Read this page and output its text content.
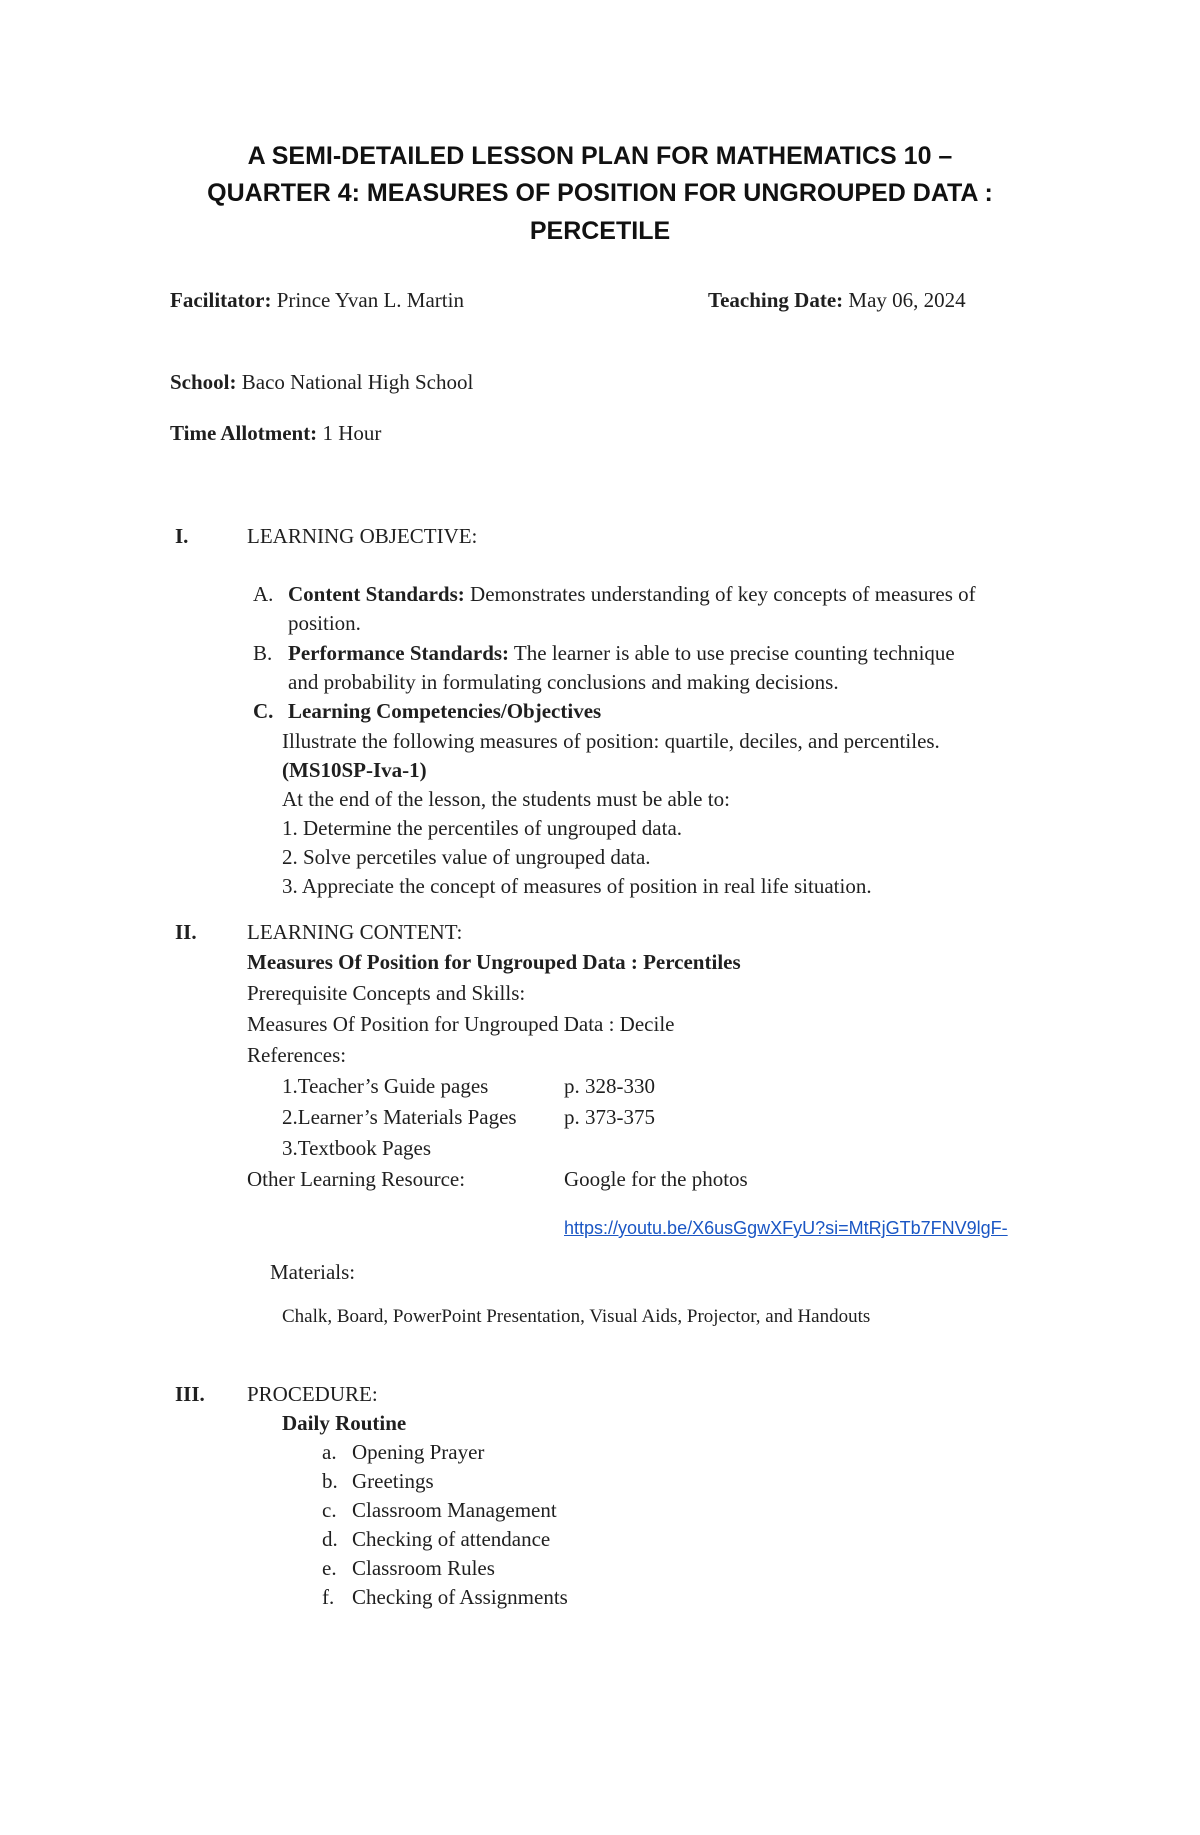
A SEMI-DETAILED LESSON PLAN FOR MATHEMATICS 10 –
QUARTER 4: MEASURES OF POSITION FOR UNGROUPED DATA :
PERCETILE
Facilitator: Prince Yvan L. Martin	Teaching Date: May 06, 2024
School: Baco National High School
Time Allotment: 1 Hour
I.	LEARNING OBJECTIVE:
A. Content Standards: Demonstrates understanding of key concepts of measures of
position.
B. Performance Standards: The learner is able to use precise counting technique
and probability in formulating conclusions and making decisions.
C. Learning Competencies/Objectives
Illustrate the following measures of position: quartile, deciles, and percentiles.
(MS10SP-Iva-1)
At the end of the lesson, the students must be able to:
1. Determine the percentiles of ungrouped data.
2. Solve percetiles value of ungrouped data.
3. Appreciate the concept of measures of position in real life situation.
II. LEARNING CONTENT:
Measures Of Position for Ungrouped Data : Percentiles
Prerequisite Concepts and Skills:
Measures Of Position for Ungrouped Data : Decile
References:
1.Teacher’s Guide pages	p. 328-330
2.Learner’s Materials Pages p. 373-375
3.Textbook Pages
Other Learning Resource:	Google for the photos
https://youtu.be/X6usGgwXFyU?si=MtRjGTb7FNV9lgF-
Materials:
Chalk, Board, PowerPoint Presentation, Visual Aids, Projector, and Handouts
III. PROCEDURE:
Daily Routine
a. Opening Prayer
b. Greetings
c. Classroom Management
d. Checking of attendance
e. Classroom Rules
f. Checking of Assignments
